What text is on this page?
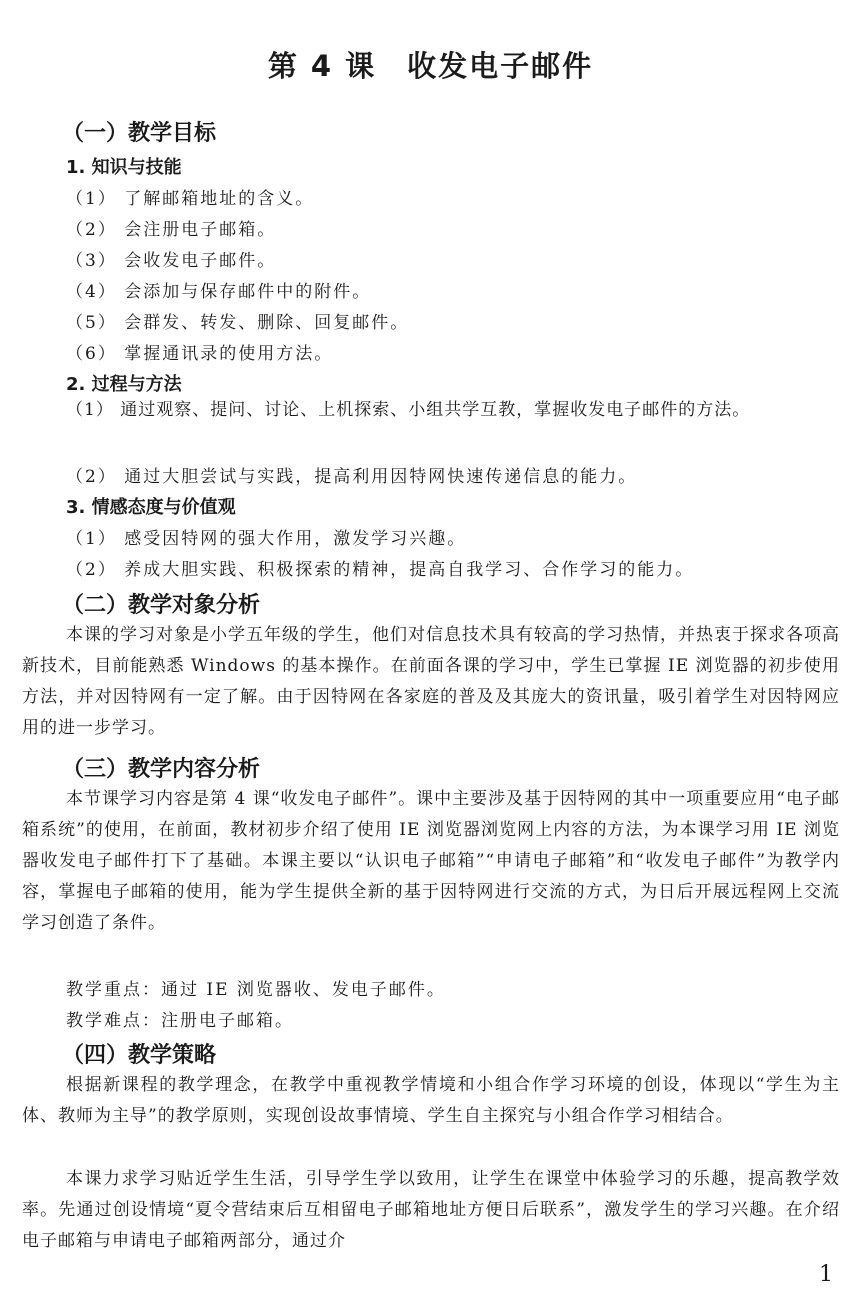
第 4 课　收发电子邮件
（一）教学目标
1. 知识与技能
（1） 了解邮箱地址的含义。
（2） 会注册电子邮箱。
（3） 会收发电子邮件。
（4） 会添加与保存邮件中的附件。
（5） 会群发、转发、删除、回复邮件。
（6） 掌握通讯录的使用方法。
2. 过程与方法
（1） 通过观察、提问、讨论、上机探索、小组共学互教，掌握收发电子邮件的方法。
（2） 通过大胆尝试与实践，提高利用因特网快速传递信息的能力。
3. 情感态度与价值观
（1） 感受因特网的强大作用，激发学习兴趣。
（2） 养成大胆实践、积极探索的精神，提高自我学习、合作学习的能力。
（二）教学对象分析
本课的学习对象是小学五年级的学生，他们对信息技术具有较高的学习热情，并热衷于探求各项高新技术，目前能熟悉 Windows 的基本操作。在前面各课的学习中，学生已掌握 IE 浏览器的初步使用方法，并对因特网有一定了解。由于因特网在各家庭的普及及其庞大的资讯量，吸引着学生对因特网应用的进一步学习。
（三）教学内容分析
本节课学习内容是第 4 课“收发电子邮件”。课中主要涉及基于因特网的其中一项重要应用“电子邮箱系统”的使用，在前面，教材初步介绍了使用 IE 浏览器浏览网上内容的方法，为本课学习用 IE 浏览器收发电子邮件打下了基础。本课主要以“认识电子邮箱”“申请电子邮箱”和“收发电子邮件”为教学内容，掌握电子邮箱的使用，能为学生提供全新的基于因特网进行交流的方式，为日后开展远程网上交流学习创造了条件。
教学重点：通过 IE 浏览器收、发电子邮件。
教学难点：注册电子邮箱。
（四）教学策略
根据新课程的教学理念，在教学中重视教学情境和小组合作学习环境的创设，体现以“学生为主体、教师为主导”的教学原则，实现创设故事情境、学生自主探究与小组合作学习相结合。
本课力求学习贴近学生生活，引导学生学以致用，让学生在课堂中体验学习的乐趣，提高教学效率。先通过创设情境“夏令营结束后互相留电子邮箱地址方便日后联系”，激发学生的学习兴趣。在介绍电子邮箱与申请电子邮箱两部分，通过介
1
